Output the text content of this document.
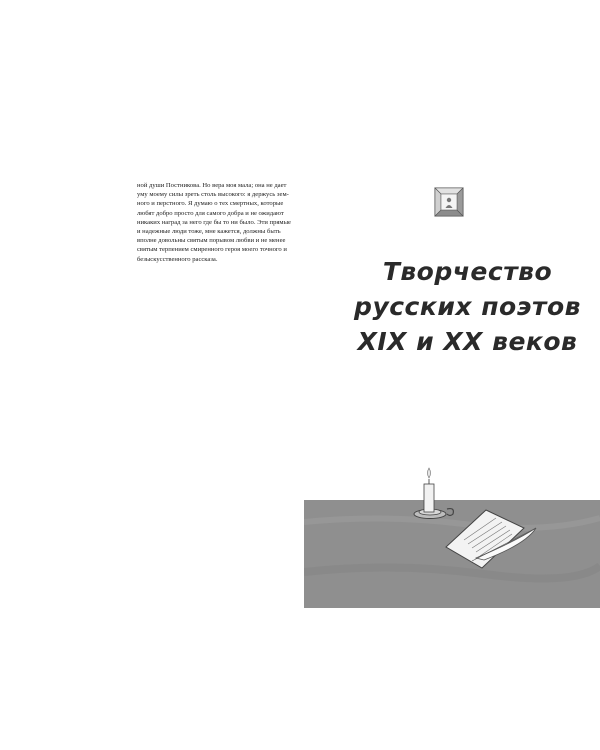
ной души Постникова. Но вера моя мала; она не дает
уму моему силы зреть столь высокого: я держусь зем-
ного и перстного. Я думаю о тех смертных, которые
любят добро просто для самого добра и не ожидают
никаких наград за него где бы то ни было. Эти прямые
и надежные люди тоже, мне кажется, должны быть
вполне довольны святым порывом любви и не менее
святым терпением смиренного героя моего точного и
безыскусственного рассказа.	Творчество
русских поэтов
XIX и XX веков
